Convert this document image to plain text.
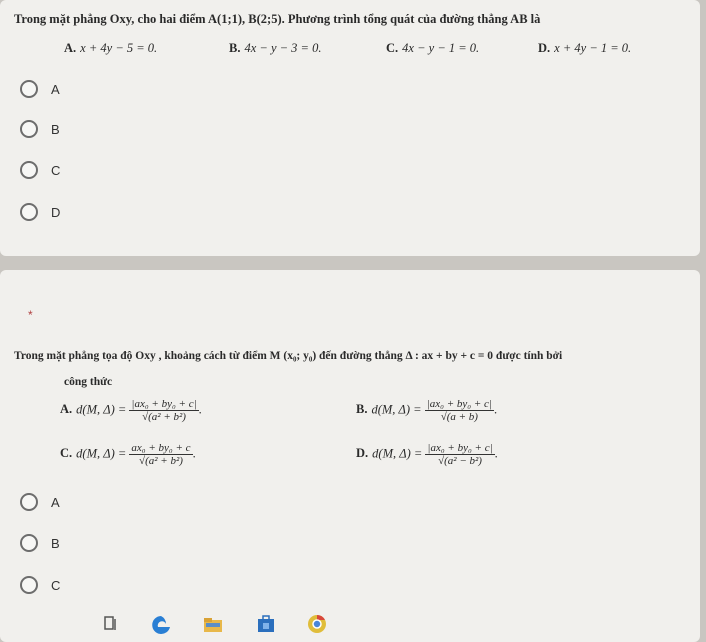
Trong mặt phẳng Oxy, cho hai điểm A(1;1), B(2;5). Phương trình tổng quát của đường thẳng AB là
A. x + 4y − 5 = 0.	B. 4x − y − 3 = 0.	C. 4x − y − 1 = 0.	D. x + 4y − 1 = 0.
A
B
C
D
*
Trong mặt phẳng tọa độ Oxy , khoảng cách từ điểm M (x₀; y₀) đến đường thẳng Δ : ax + by + c = 0 được tính bởi
công thức
A. d(M, $\Delta) = \frac{\text{|ax₀ + by₀ + c|}}{\text{√(a² + b²)}}$ .	B. d(M, $\Delta) = \frac{\text{|ax₀ + by₀ + c|}}{√(a + b)}$ .
C. d(M, $\Delta) = \frac{\text{ax₀ + by₀ + c}}{\text{√(a² + b²)}}$ .	D. d(M, $\Delta) = \frac{\text{|ax₀ + by₀ + c|}}{\text{√(a² − b²)}}$ .
A
B
C
